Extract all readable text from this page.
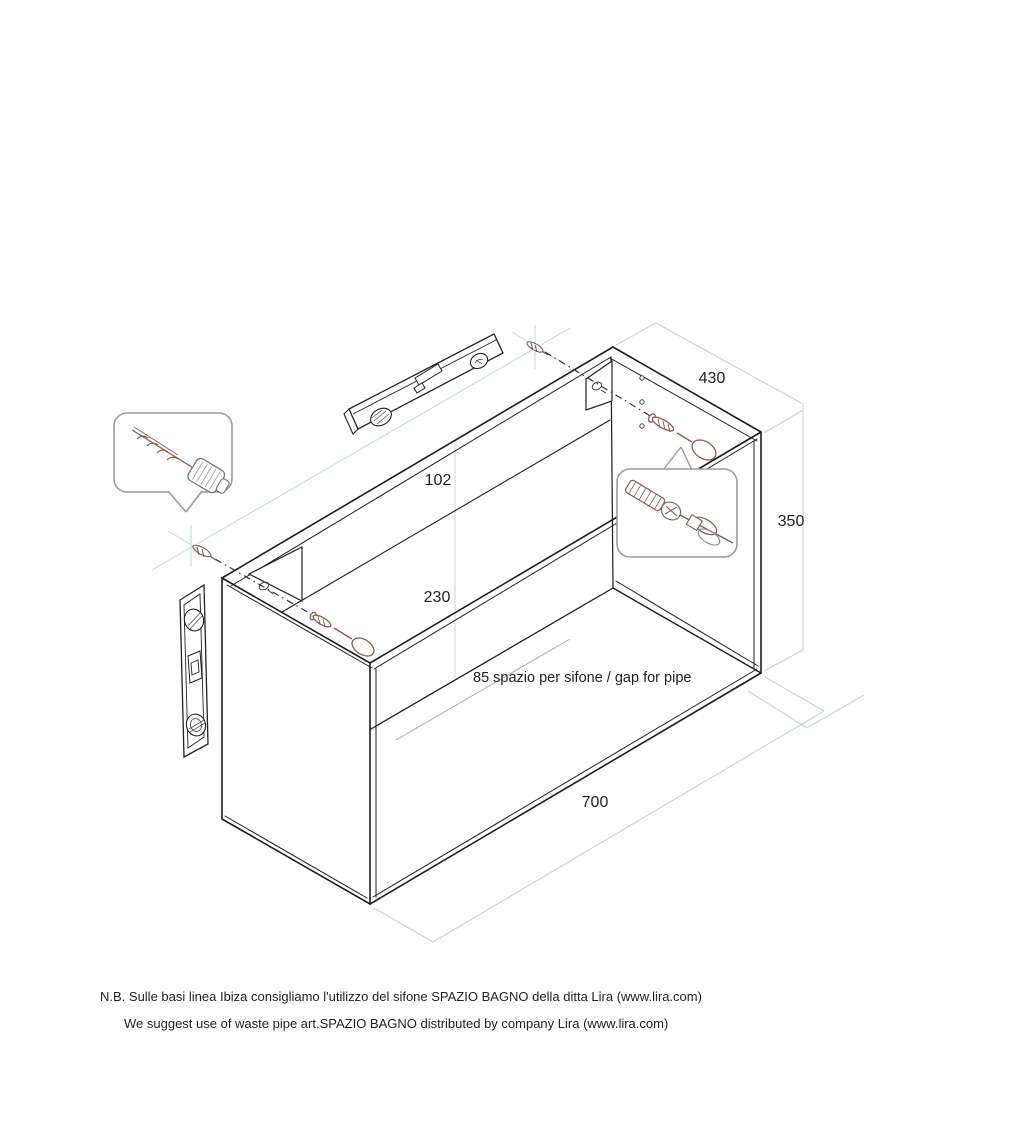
430
350
700
102
230
85 spazio per sifone / gap for pipe
N.B. Sulle basi linea Ibiza consigliamo l'utilizzo del sifone SPAZIO BAGNO della ditta Lira (www.lira.com)
We suggest use of waste pipe art.SPAZIO BAGNO distributed by company Lira (www.lira.com)
